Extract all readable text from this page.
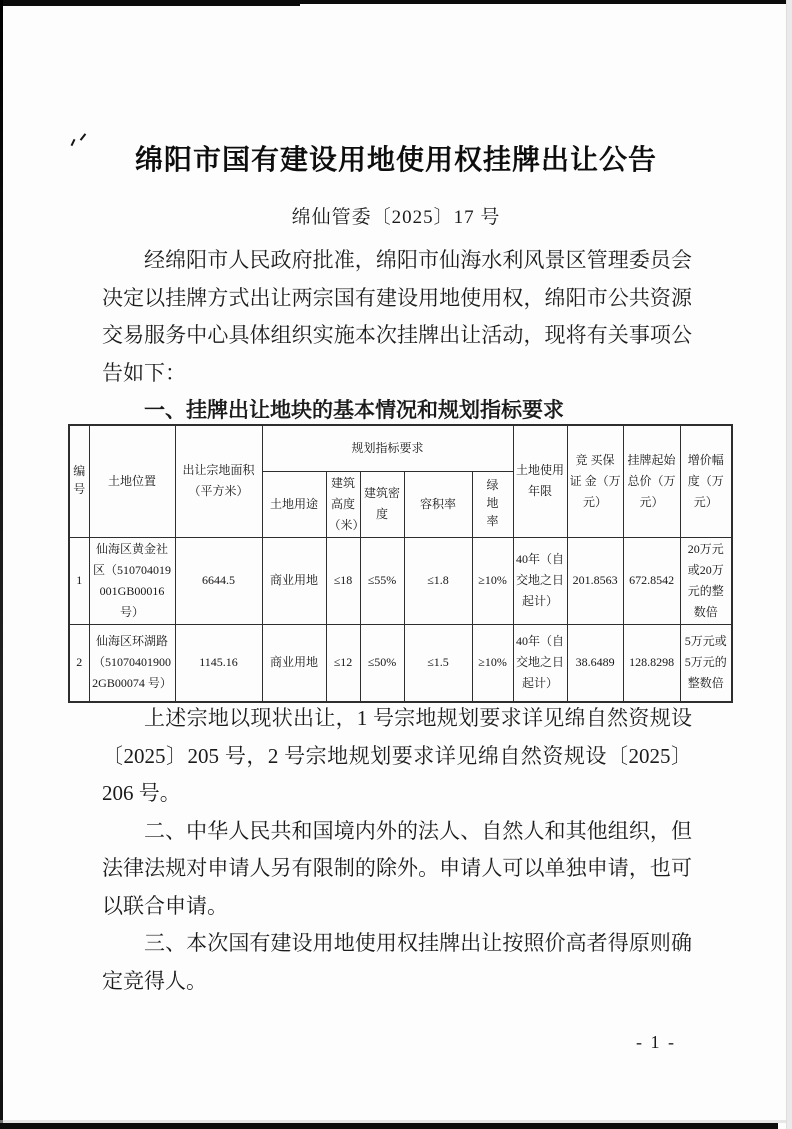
绵阳市国有建设用地使用权挂牌出让公告
绵仙管委〔2025〕17 号

经绵阳市人民政府批准，绵阳市仙海水利风景区管理委员会决定以挂牌方式出让两宗国有建设用地使用权，绵阳市公共资源交易服务中心具体组织实施本次挂牌出让活动，现将有关事项公告如下：

一、挂牌出让地块的基本情况和规划指标要求

编号	土地位置	出让宗地面积（平方米）	规划指标要求					土地使用年限	竞 买保 证 金（万元）	挂牌起始总价（万元）	增价幅度（万元）
			土地用途	建筑高度（米）	建筑密度	容积率	绿地率				
1	仙海区黄金社区（510704019001GB00016 号）	6644.5	商业用地	≤18	≤55%	≤1.8	≥10%	40年（自交地之日起计）	201.8563	672.8542	20万元或20万元的整数倍
2	仙海区环湖路（510704019002GB00074 号）	1145.16	商业用地	≤12	≤50%	≤1.5	≥10%	40年（自交地之日起计）	38.6489	128.8298	5万元或5万元的整数倍

上述宗地以现状出让，1 号宗地规划要求详见绵自然资规设〔2025〕205 号，2 号宗地规划要求详见绵自然资规设〔2025〕206 号。

二、中华人民共和国境内外的法人、自然人和其他组织，但法律法规对申请人另有限制的除外。申请人可以单独申请，也可以联合申请。

三、本次国有建设用地使用权挂牌出让按照价高者得原则确定竞得人。

- 1 -
